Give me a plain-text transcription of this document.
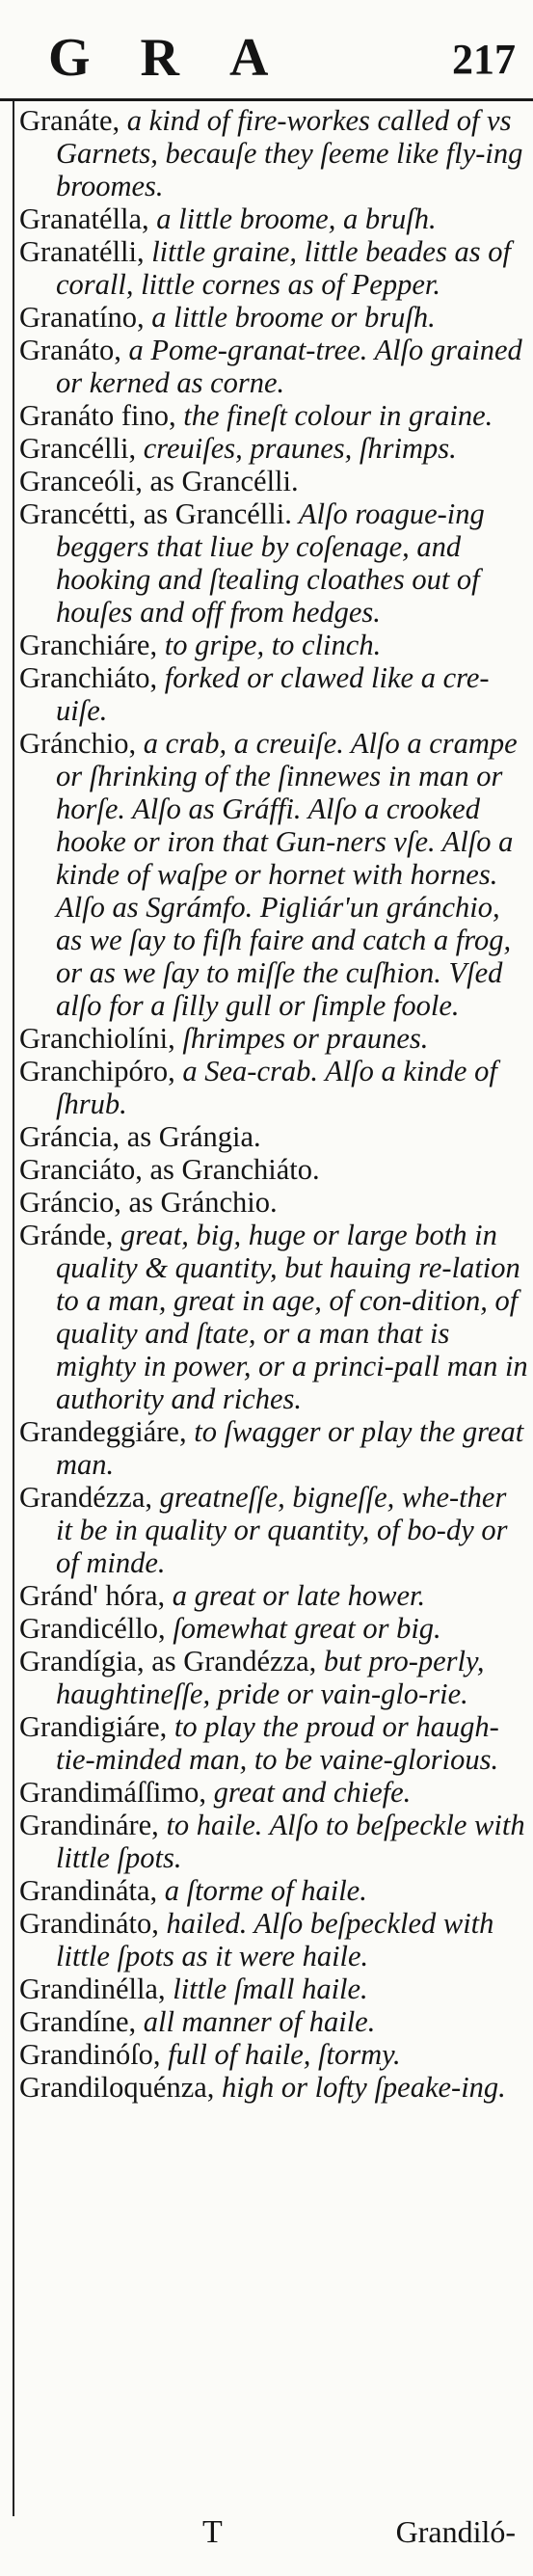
GRA	217

Granáte, a kind of fire-workes called of vs Garnets, becauſe they ſeeme like fly-ing broomes.

Granatélla, a little broome, a bruſh.

Granatélli, little graine, little beades as of corall, little cornes as of Pepper.

Granatíno, a little broome or bruſh.

Granáto, a Pome-granat-tree. Alſo grained or kerned as corne.

Granáto fino, the fineſt colour in graine.

Grancélli, creuiſes, praunes, ſhrimps.

Granceóli, as Grancélli.

Grancétti, as Grancélli. Alſo roague-ing beggers that liue by coſenage, and hooking and ſtealing cloathes out of houſes and off from hedges.

Granchiáre, to gripe, to clinch.

Granchiáto, forked or clawed like a cre-uiſe.

Gránchio, a crab, a creuiſe. Alſo a crampe or ſhrinking of the ſinnewes in man or horſe. Alſo as Gráffi. Alſo a crooked hooke or iron that Gun-ners vſe. Alſo a kinde of waſpe or hornet with hornes. Alſo as Sgrámfo. Pigliár'un gránchio, as we ſay to fiſh faire and catch a frog, or as we ſay to miſſe the cuſhion. Vſed alſo for a ſilly gull or ſimple foole.

Granchiolíni, ſhrimpes or praunes.

Granchipóro, a Sea-crab. Alſo a kinde of ſhrub.

Gráncia, as Grángia.

Granciáto, as Granchiáto.

Gráncio, as Gránchio.

Gránde, great, big, huge or large both in quality & quantity, but hauing re-lation to a man, great in age, of con-dition, of quality and ſtate, or a man that is mighty in power, or a princi-pall man in authority and riches.

Grandeggiáre, to ſwagger or play the great man.

Grandézza, greatneſſe, bigneſſe, whe-ther it be in quality or quantity, of bo-dy or of minde.

Gránd' hóra, a great or late hower.

Grandicéllo, ſomewhat great or big.

Grandígia, as Grandézza, but pro-perly, haughtineſſe, pride or vain-glo-rie.

Grandigiáre, to play the proud or haugh-tie-minded man, to be vaine-glorious.

Grandimáſſimo, great and chiefe.

Grandináre, to haile. Alſo to beſpeckle with little ſpots.

Grandináta, a ſtorme of haile.

Grandináto, hailed. Alſo beſpeckled with little ſpots as it were haile.

Grandinélla, little ſmall haile.

Grandíne, all manner of haile.

Grandinóſo, full of haile, ſtormy.

Grandiloquénza, high or lofty ſpeake-ing.

T	Grandiló-
